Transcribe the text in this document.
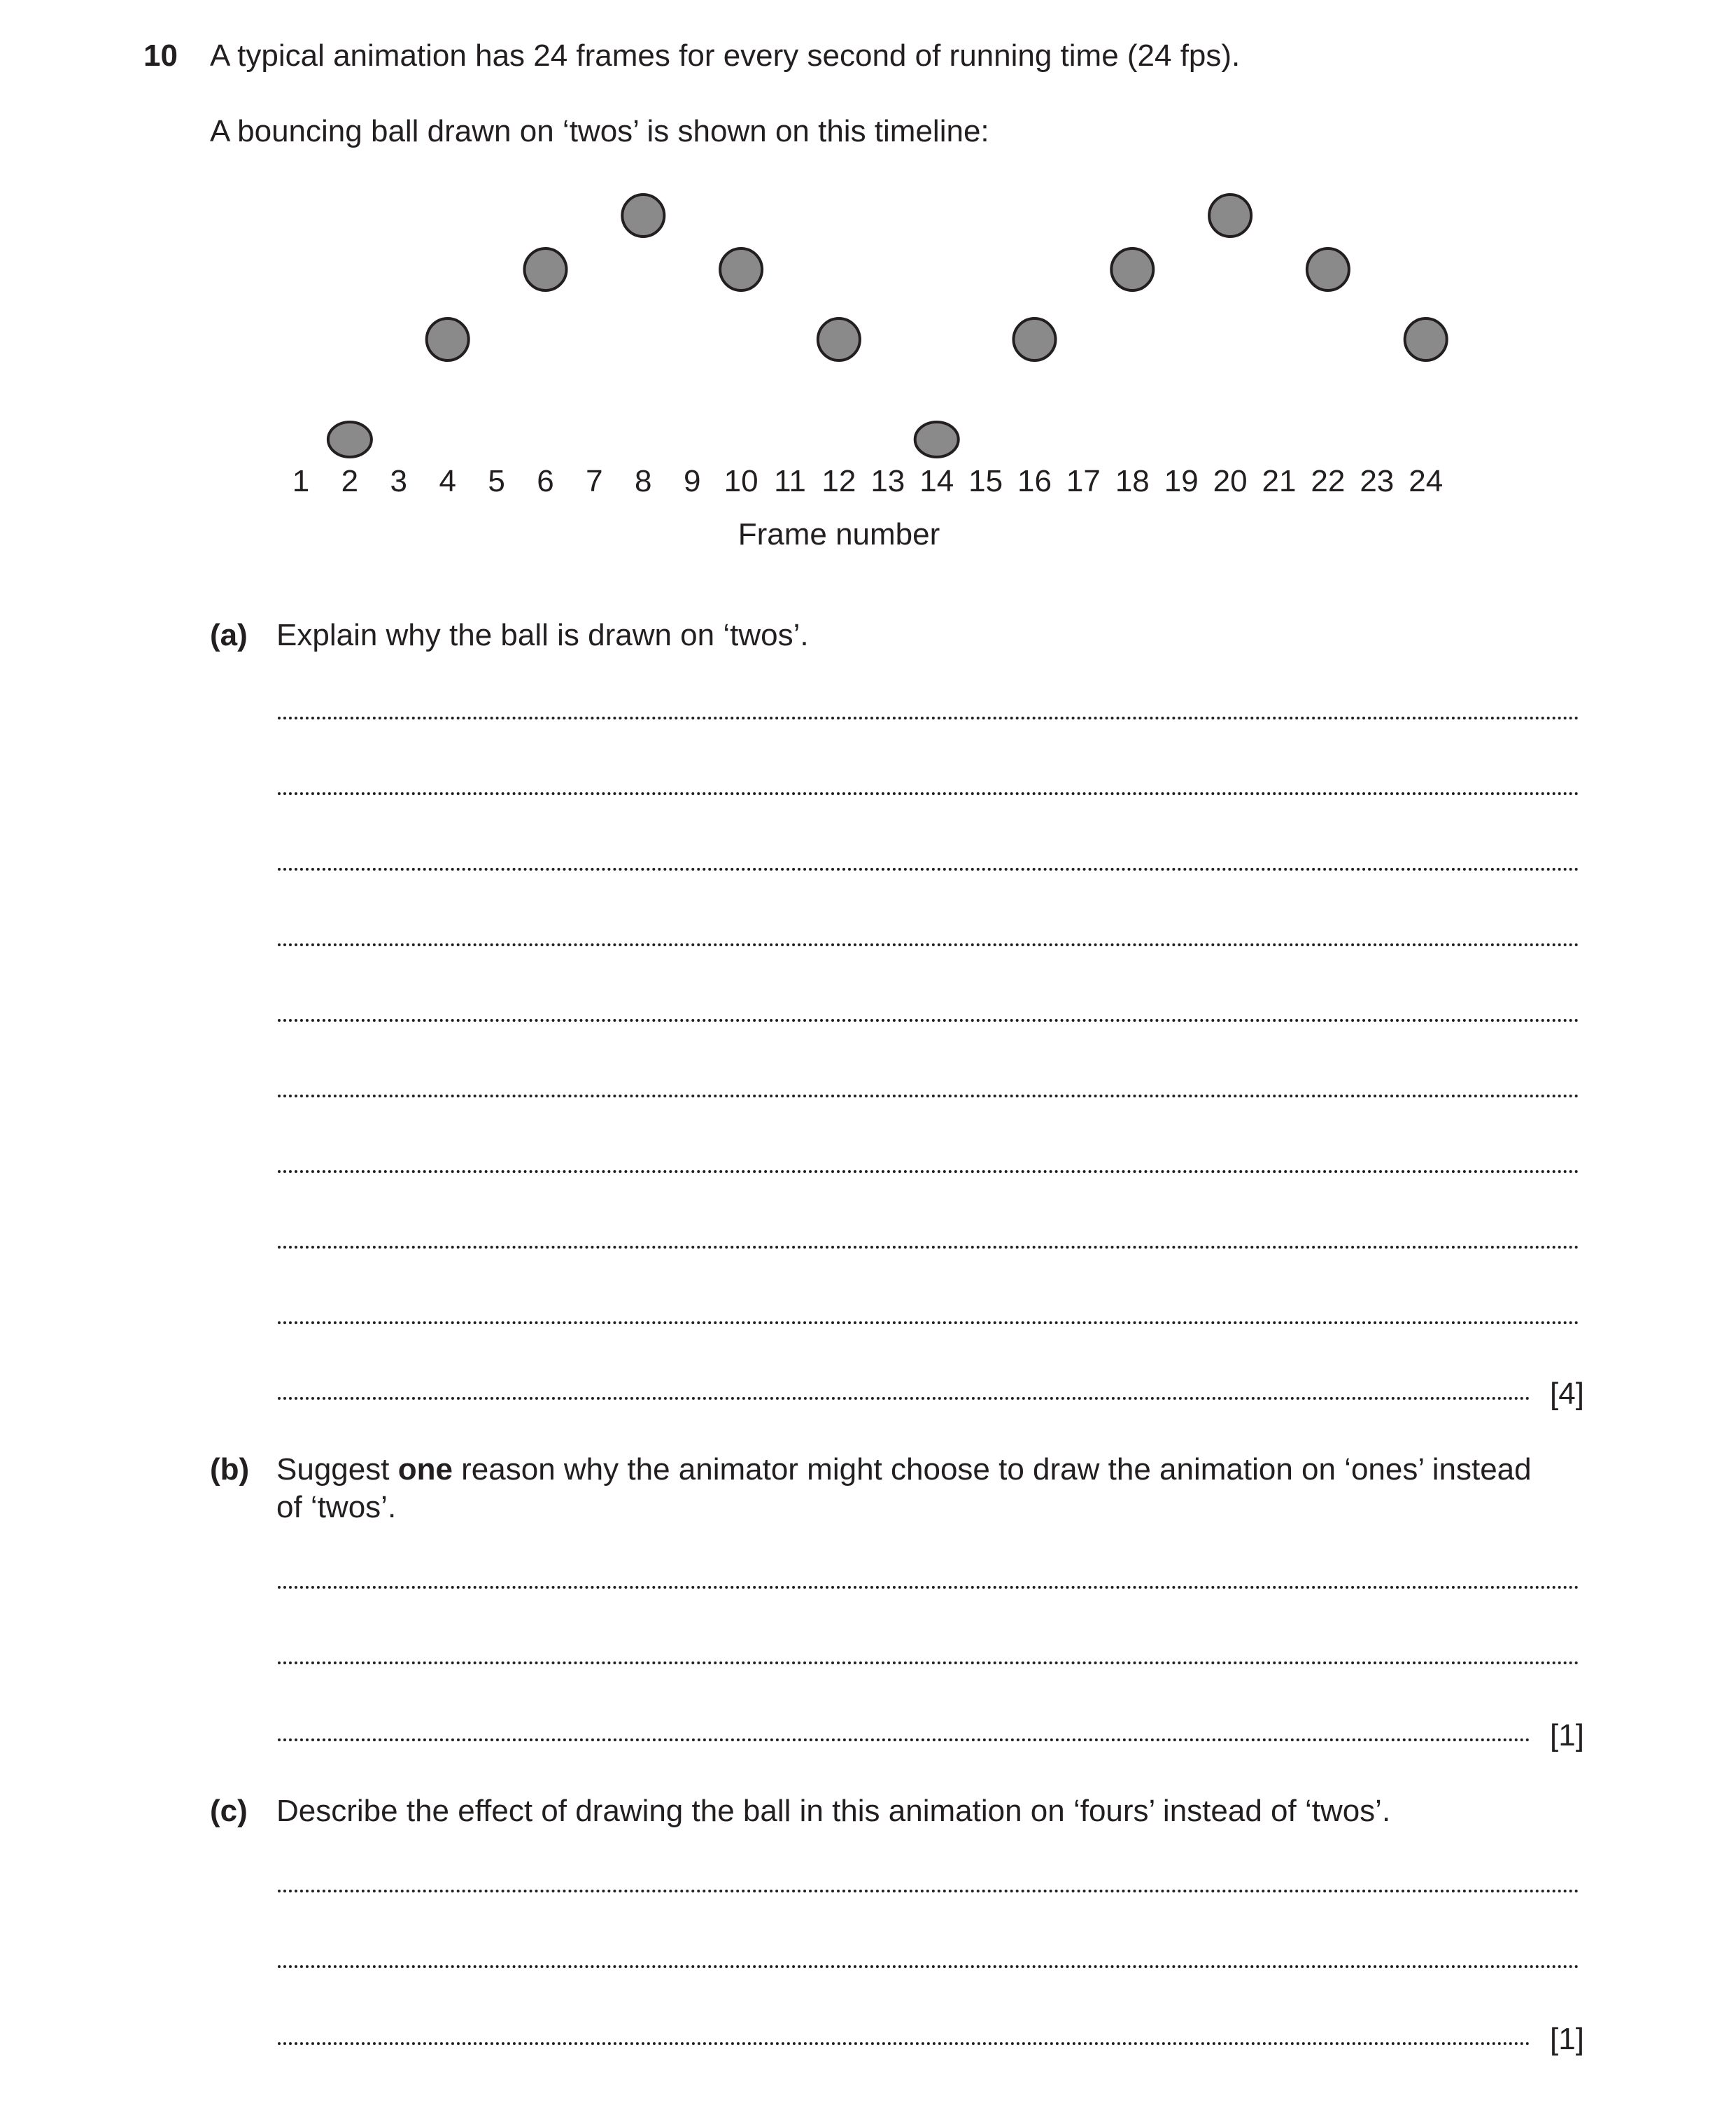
10 A typical animation has 24 frames for every second of running time (24 fps).
A bouncing ball drawn on ‘twos’ is shown on this timeline:
1 2 3 4 5 6 7 8 9 10 11 12 13 14 15 16 17 18 19 20 21 22 23 24
Frame number
(a) Explain why the ball is drawn on ‘twos’.
[4]
(b) Suggest one reason why the animator might choose to draw the animation on ‘ones’ instead
of ‘twos’.
[1]
(c) Describe the effect of drawing the ball in this animation on ‘fours’ instead of ‘twos’.
[1]
